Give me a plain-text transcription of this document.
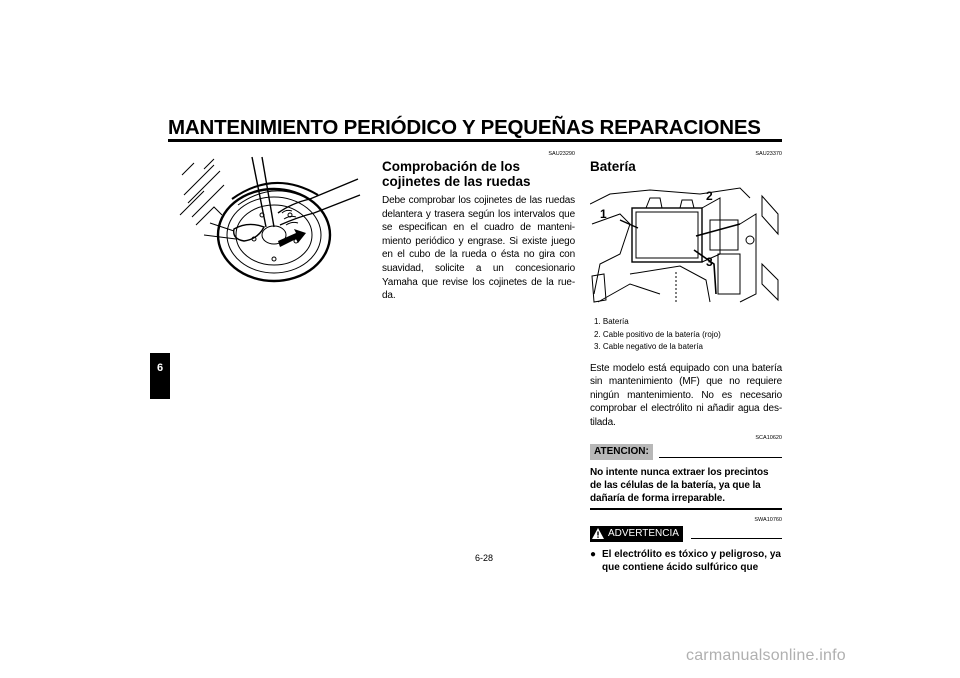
MANTENIMIENTO PERIÓDICO Y PEQUEÑAS REPARACIONES
6
SAU23290
Comprobación de los cojinetes de las ruedas

Debe comprobar los cojinetes de las ruedas delantera y trasera según los intervalos que se especifican en el cuadro de manteni-miento periódico y engrase. Si existe juego en el cubo de la rueda o ésta no gira con suavidad, solicite a un concesionario Yamaha que revise los cojinetes de la rue-da.

SAU23370
Batería
1
2
3
1. Batería
2. Cable positivo de la batería (rojo)
3. Cable negativo de la batería

Este modelo está equipado con una batería sin mantenimiento (MF) que no requiere ningún mantenimiento. No es necesario comprobar el electrólito ni añadir agua des-tilada.

SCA10620
ATENCION:
No intente nunca extraer los precintos de las células de la batería, ya que la dañaría de forma irreparable.
SWA10760
ADVERTENCIA
● El electrólito es tóxico y peligroso, ya que contiene ácido sulfúrico que
6-28
carmanualsonline.info
